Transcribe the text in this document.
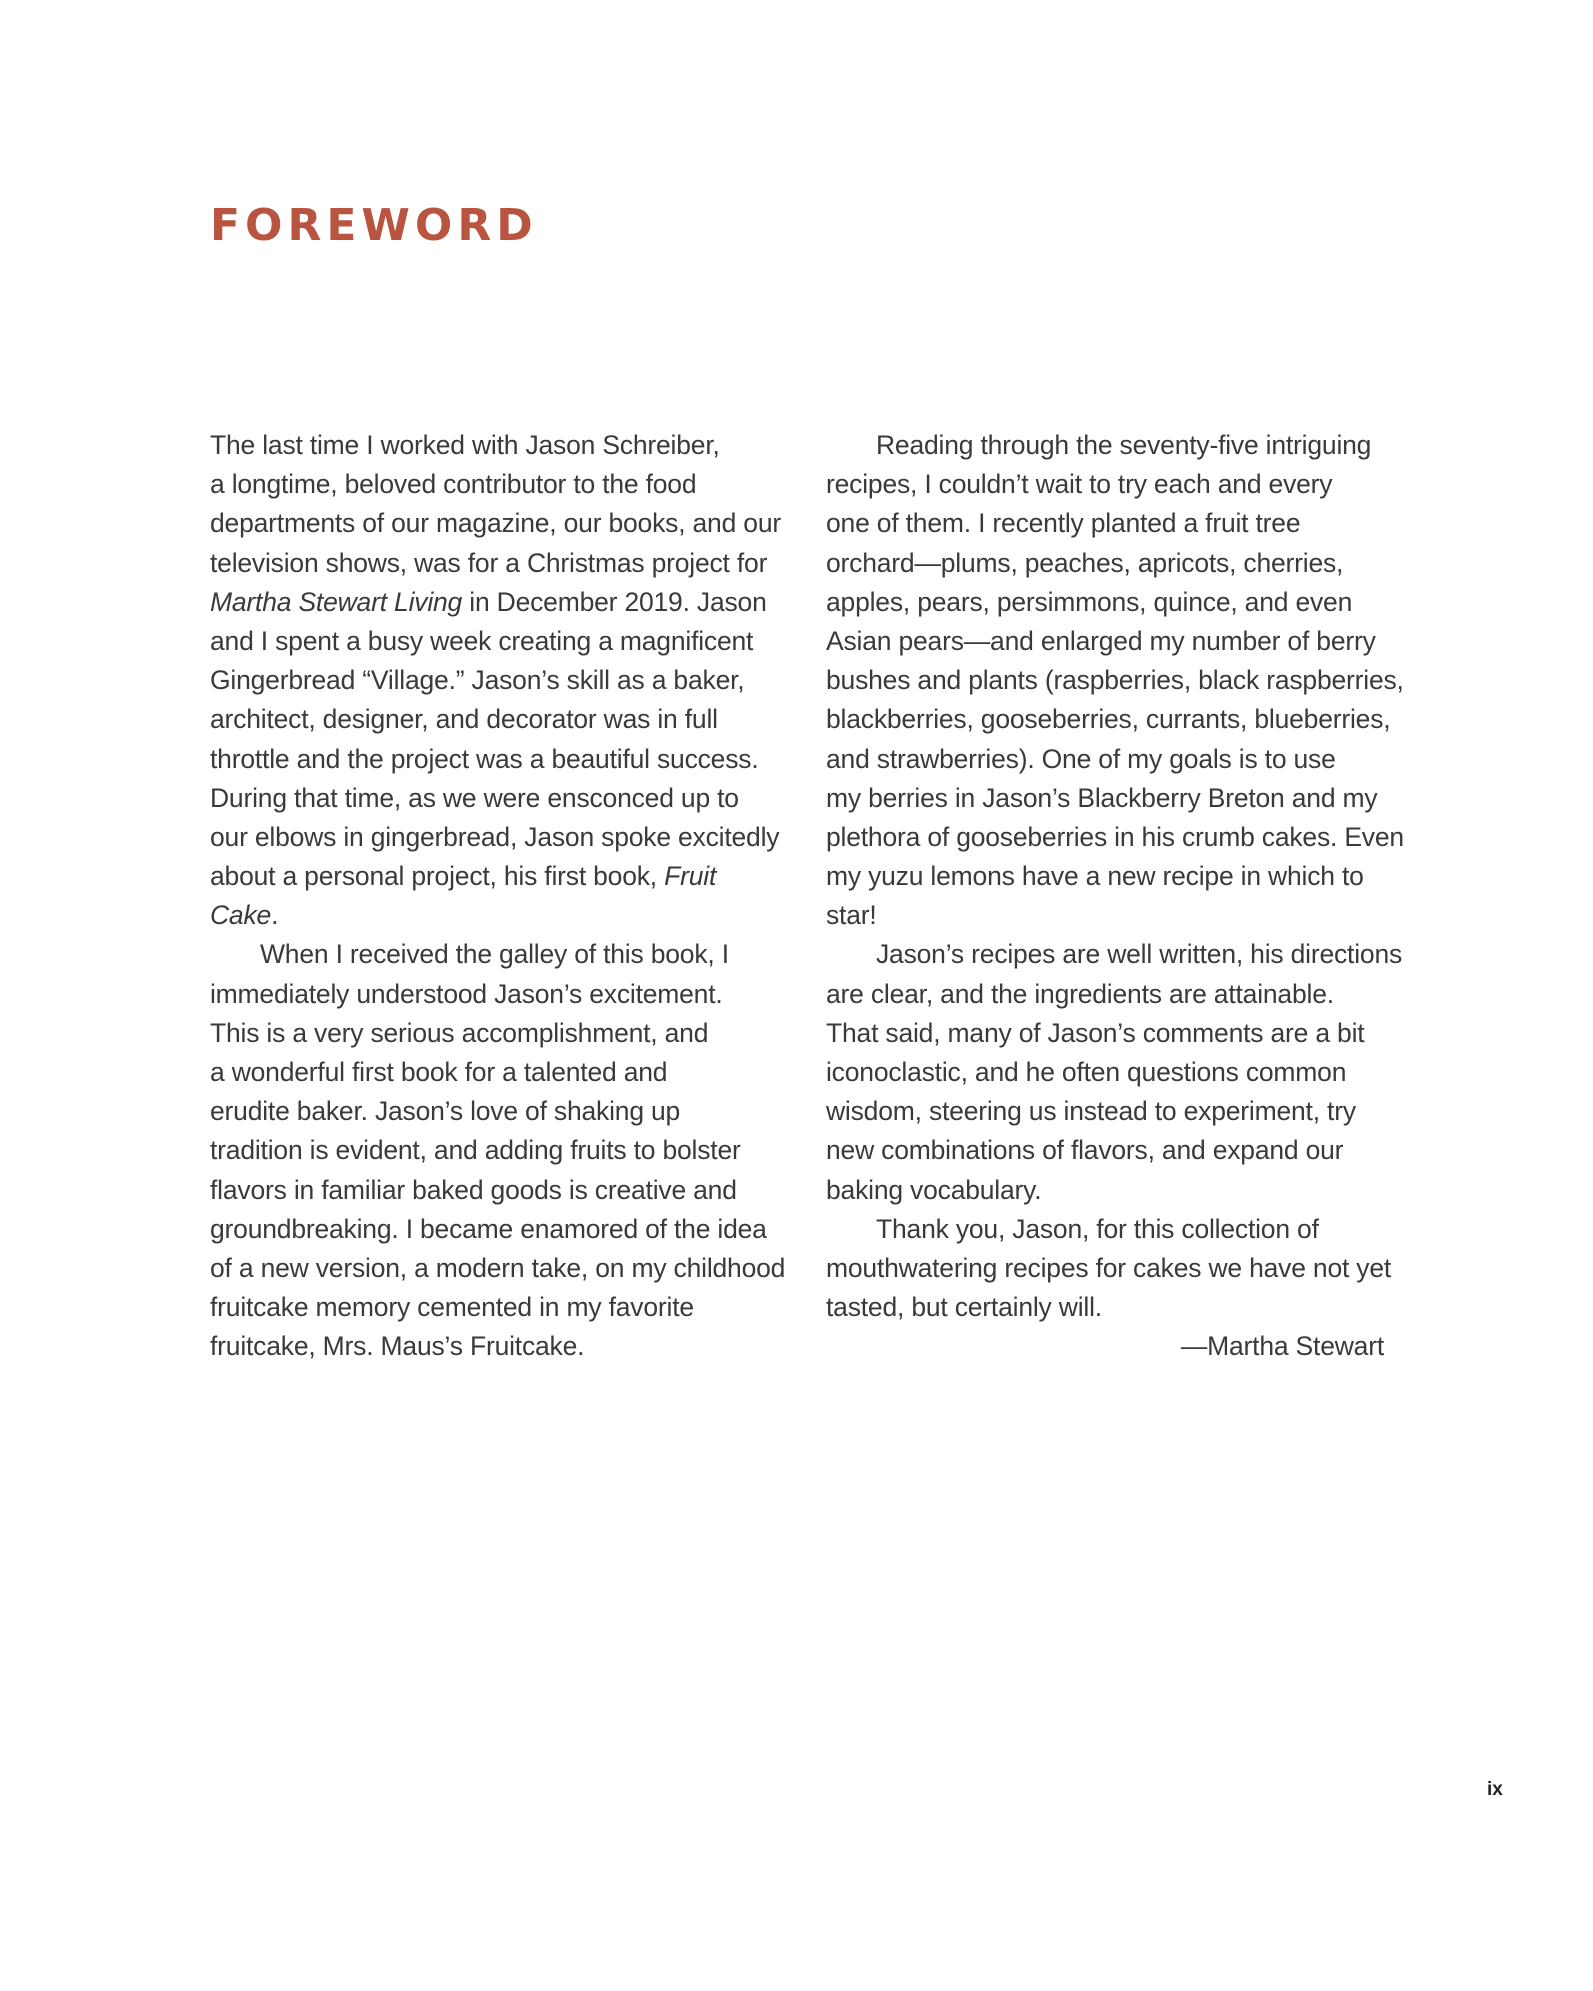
FOREWORD
The last time I worked with Jason Schreiber,
a longtime, beloved contributor to the food
departments of our magazine, our books, and our
television shows, was for a Christmas project for
Martha Stewart Living in December 2019. Jason
and I spent a busy week creating a magnificent
Gingerbread “Village.” Jason’s skill as a baker,
architect, designer, and decorator was in full
throttle and the project was a beautiful success.
During that time, as we were ensconced up to
our elbows in gingerbread, Jason spoke excitedly
about a personal project, his first book, Fruit
Cake.
When I received the galley of this book, I
immediately understood Jason’s excitement.
This is a very serious accomplishment, and
a wonderful first book for a talented and
erudite baker. Jason’s love of shaking up
tradition is evident, and adding fruits to bolster
flavors in familiar baked goods is creative and
groundbreaking. I became enamored of the idea
of a new version, a modern take, on my childhood
fruitcake memory cemented in my favorite
fruitcake, Mrs. Maus’s Fruitcake.
Reading through the seventy-five intriguing
recipes, I couldn’t wait to try each and every
one of them. I recently planted a fruit tree
orchard—plums, peaches, apricots, cherries,
apples, pears, persimmons, quince, and even
Asian pears—and enlarged my number of berry
bushes and plants (raspberries, black raspberries,
blackberries, gooseberries, currants, blueberries,
and strawberries). One of my goals is to use
my berries in Jason’s Blackberry Breton and my
plethora of gooseberries in his crumb cakes. Even
my yuzu lemons have a new recipe in which to
star!
Jason’s recipes are well written, his directions
are clear, and the ingredients are attainable.
That said, many of Jason’s comments are a bit
iconoclastic, and he often questions common
wisdom, steering us instead to experiment, try
new combinations of flavors, and expand our
baking vocabulary.
Thank you, Jason, for this collection of
mouthwatering recipes for cakes we have not yet
tasted, but certainly will.
—Martha Stewart
ix
